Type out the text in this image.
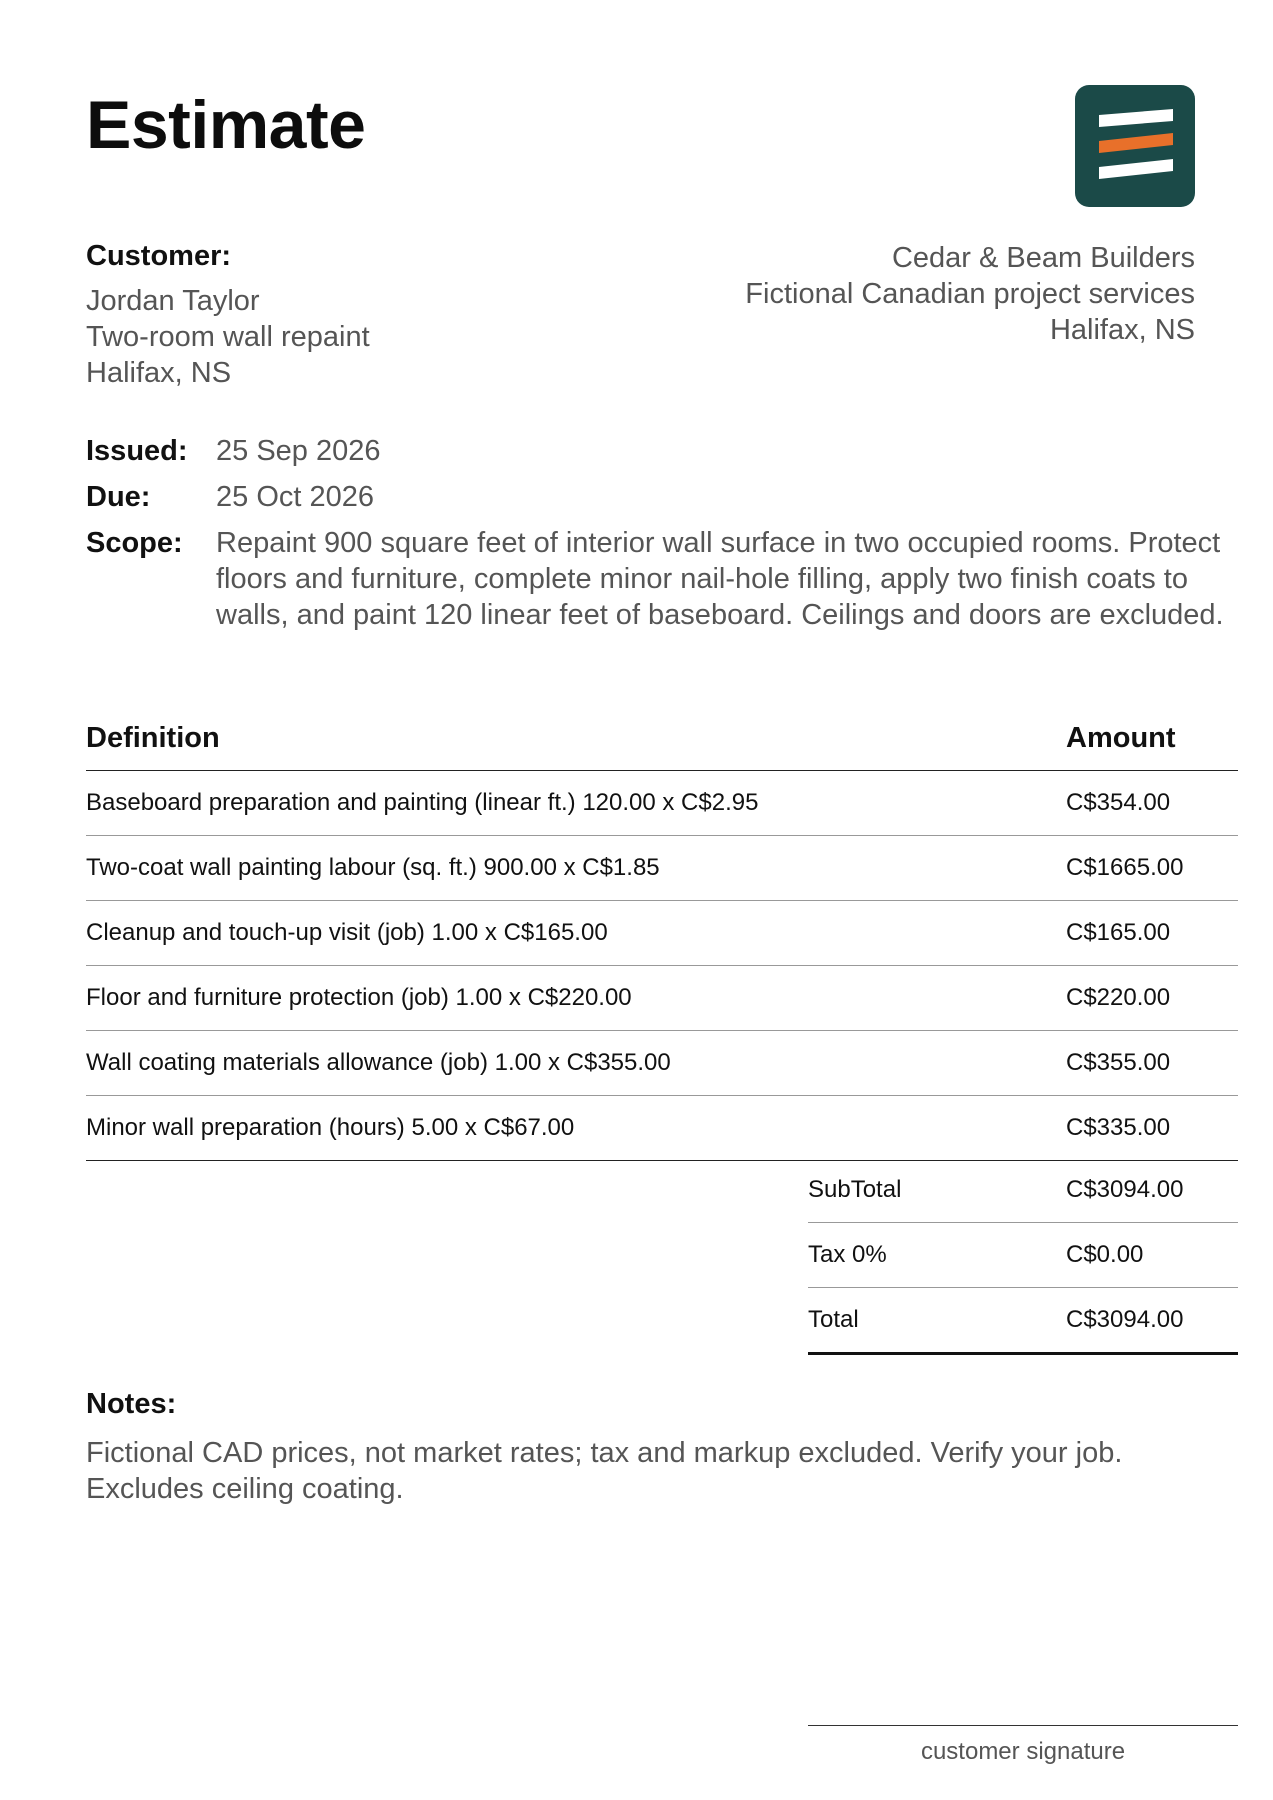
Estimate
Customer:
Jordan Taylor
Two-room wall repaint
Halifax, NS
Cedar & Beam Builders
Fictional Canadian project services
Halifax, NS
Issued: 25 Sep 2026
Due:	25 Oct 2026
Scope:	Repaint 900 square feet of interior wall surface in two occupied rooms. Protect floors and furniture, complete minor nail-hole filling, apply two finish coats to walls, and paint 120 linear feet of baseboard. Ceilings and doors are excluded.
Definition	Amount
Baseboard preparation and painting (linear ft.) 120.00 x C$2.95	C$354.00
Two-coat wall painting labour (sq. ft.) 900.00 x C$1.85	C$1665.00
Cleanup and touch-up visit (job) 1.00 x C$165.00	C$165.00
Floor and furniture protection (job) 1.00 x C$220.00	C$220.00
Wall coating materials allowance (job) 1.00 x C$355.00	C$355.00
Minor wall preparation (hours) 5.00 x C$67.00	C$335.00
SubTotal	C$3094.00
Tax 0%	C$0.00
Total	C$3094.00
Notes:
Fictional CAD prices, not market rates; tax and markup excluded. Verify your job. Excludes ceiling coating.
customer signature
